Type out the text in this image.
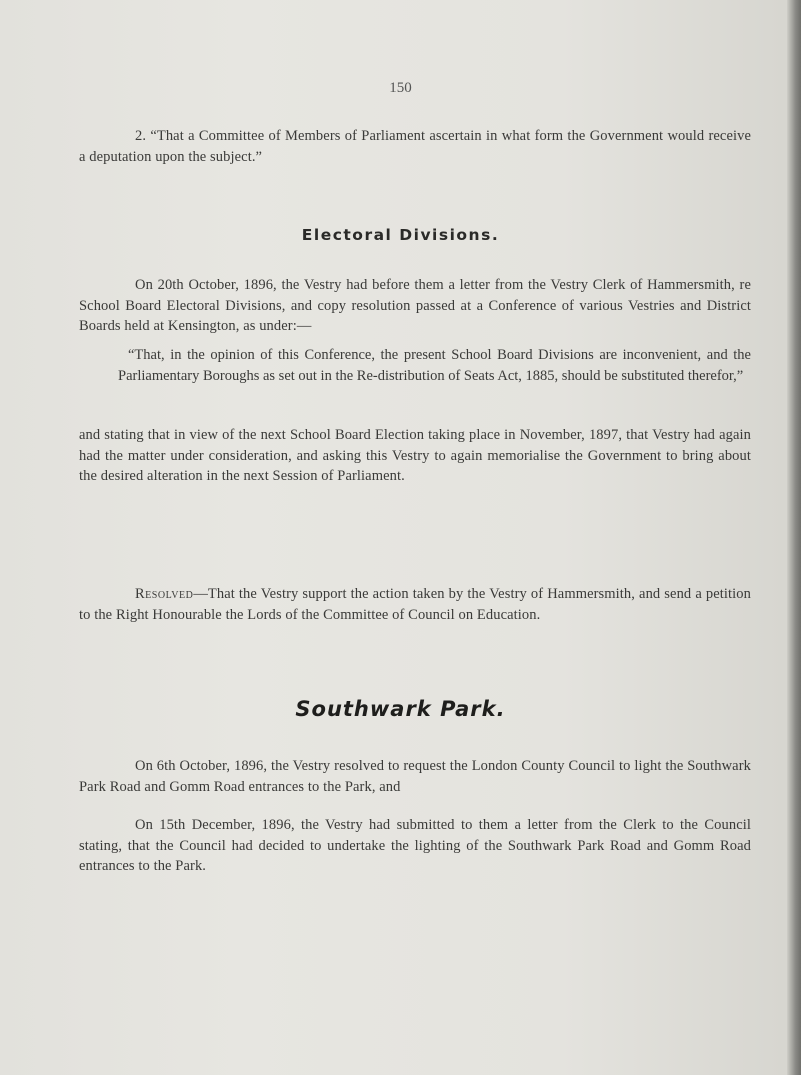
150
2. “That a Committee of Members of Parliament ascertain in what form the Government would receive a deputation upon the subject.”
Electoral Divisions.
On 20th October, 1896, the Vestry had before them a letter from the Vestry Clerk of Hammersmith, re School Board Electoral Divisions, and copy resolution passed at a Conference of various Vestries and District Boards held at Kensington, as under:—
“That, in the opinion of this Conference, the present School Board Divisions are inconvenient, and the Parliamentary Boroughs as set out in the Re-distribution of Seats Act, 1885, should be substituted therefor,”
and stating that in view of the next School Board Election taking place in November, 1897, that Vestry had again had the matter under consideration, and asking this Vestry to again memorialise the Government to bring about the desired alteration in the next Session of Parliament.
Resolved—That the Vestry support the action taken by the Vestry of Hammersmith, and send a petition to the Right Honourable the Lords of the Committee of Council on Education.
Southwark Park.
On 6th October, 1896, the Vestry resolved to request the London County Council to light the Southwark Park Road and Gomm Road entrances to the Park, and
On 15th December, 1896, the Vestry had submitted to them a letter from the Clerk to the Council stating, that the Council had decided to undertake the lighting of the Southwark Park Road and Gomm Road entrances to the Park.
